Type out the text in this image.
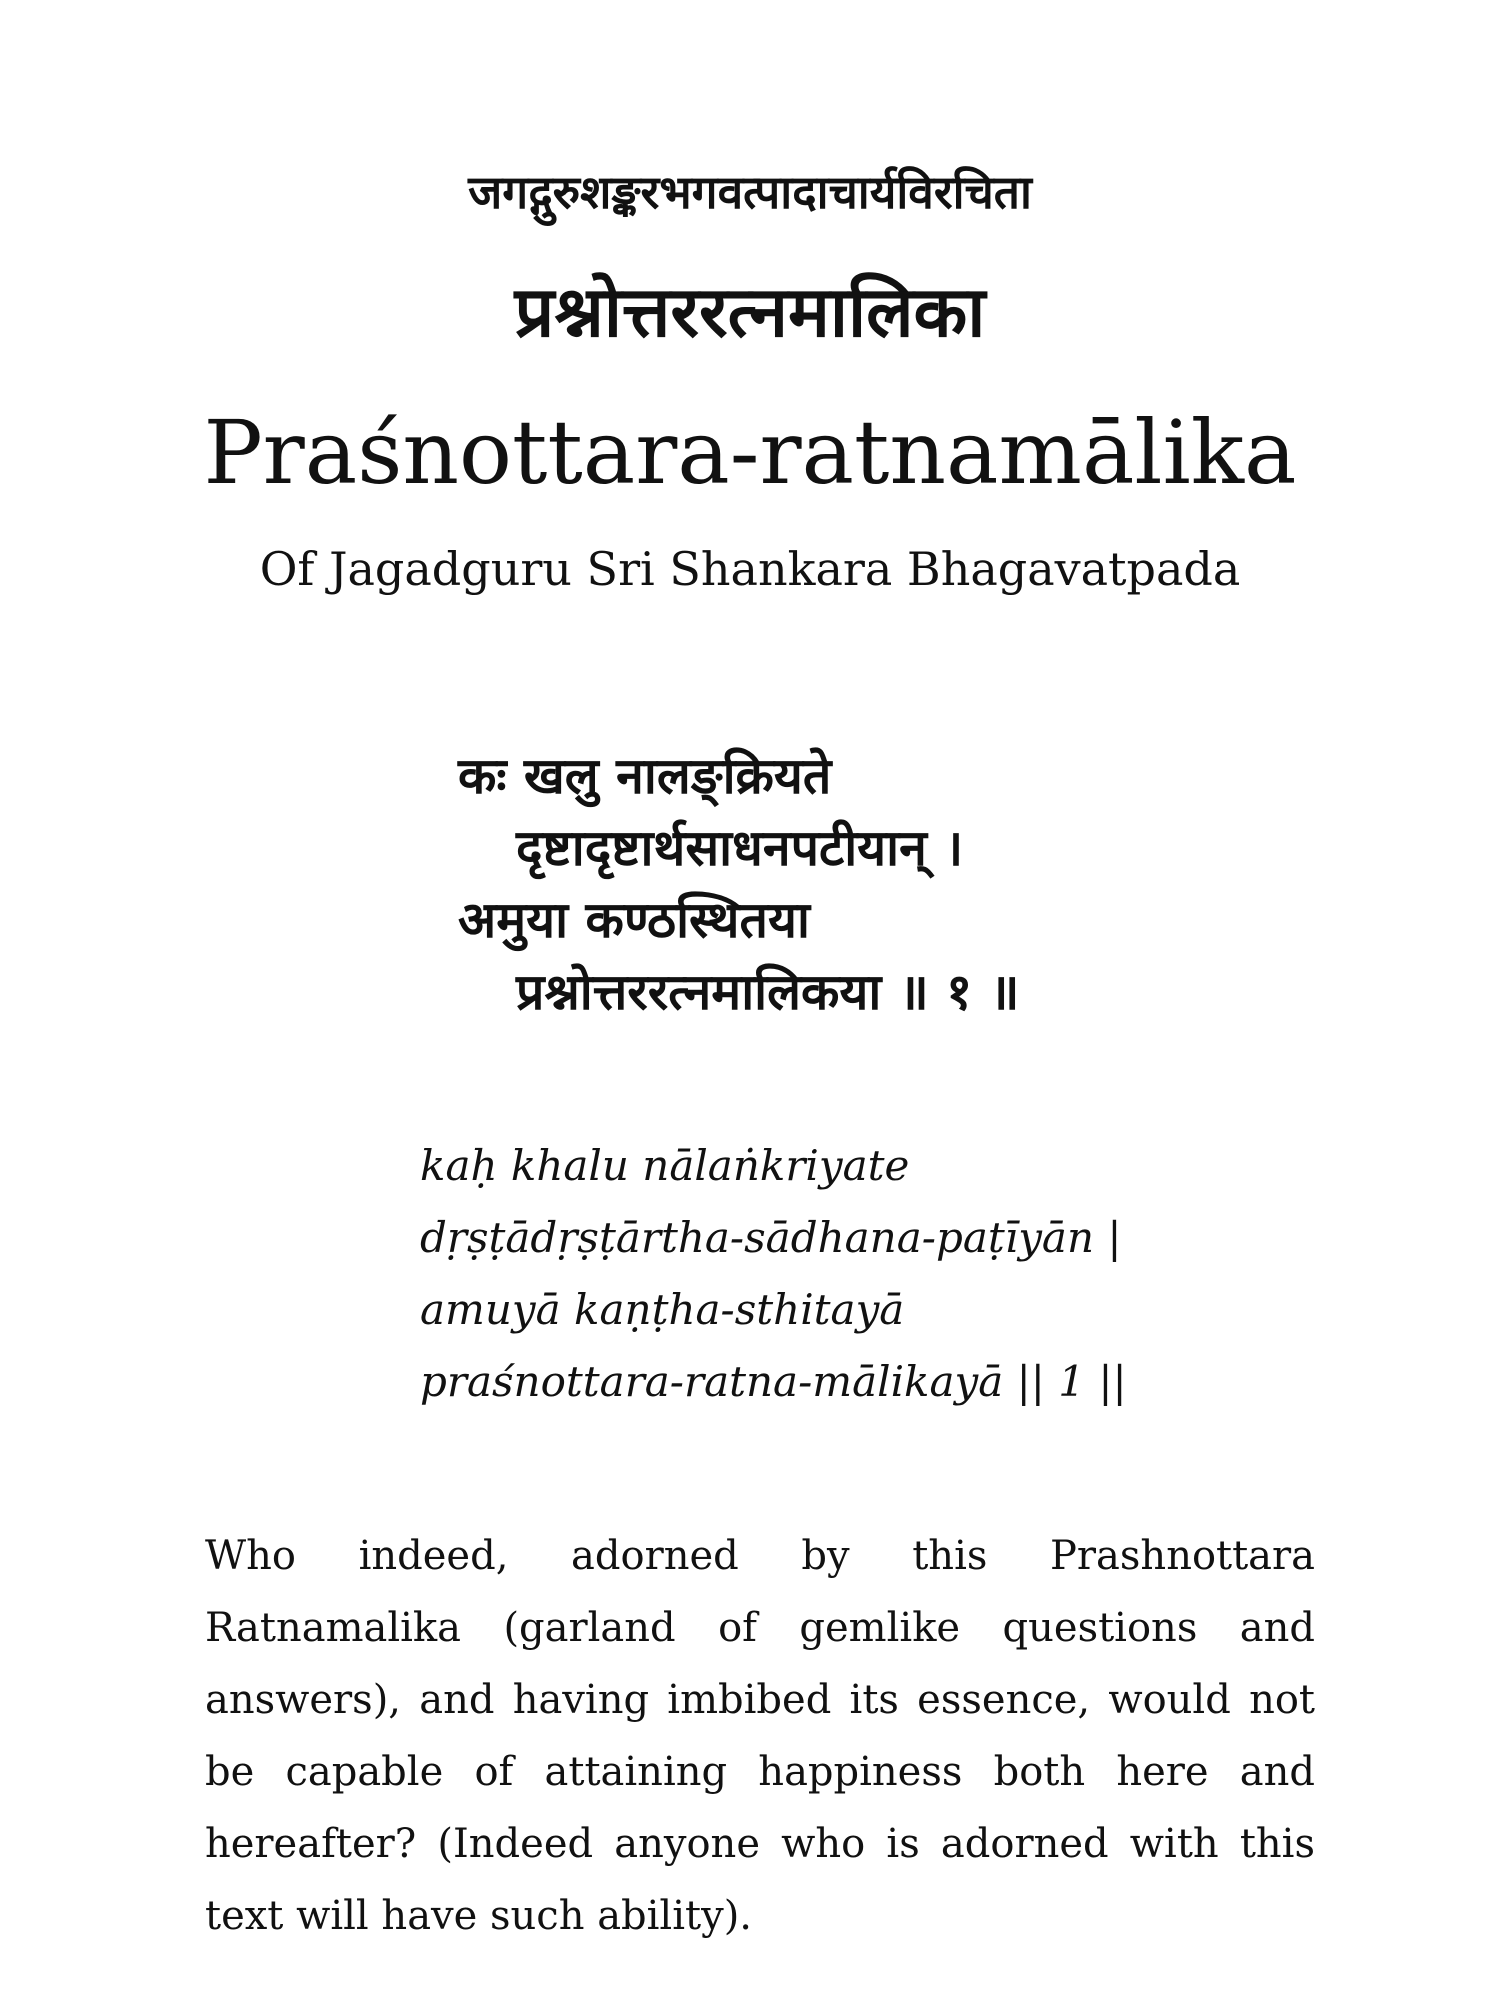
जगद्गुरुशङ्करभगवत्पादाचार्यविरचिता
प्रश्नोत्तररत्नमालिका
Praśnottara-ratnamālika
Of Jagadguru Sri Shankara Bhagavatpada
कः खलु नालङ्क्रियते
दृष्टादृष्टार्थसाधनपटीयान् ।
अमुया कण्ठस्थितया
प्रश्नोत्तररत्नमालिकया ॥ १ ॥
kaḥ khalu nālaṅkriyate
dṛṣṭādṛṣṭārtha-sādhana-paṭīyān |
amuyā kaṇṭha-sthitayā
praśnottara-ratna-mālikayā || 1 ||
Who indeed, adorned by this Prashnottara Ratnamalika (garland of gemlike questions and answers), and having imbibed its essence, would not be capable of attaining happiness both here and hereafter? (Indeed anyone who is adorned with this text will have such ability).
